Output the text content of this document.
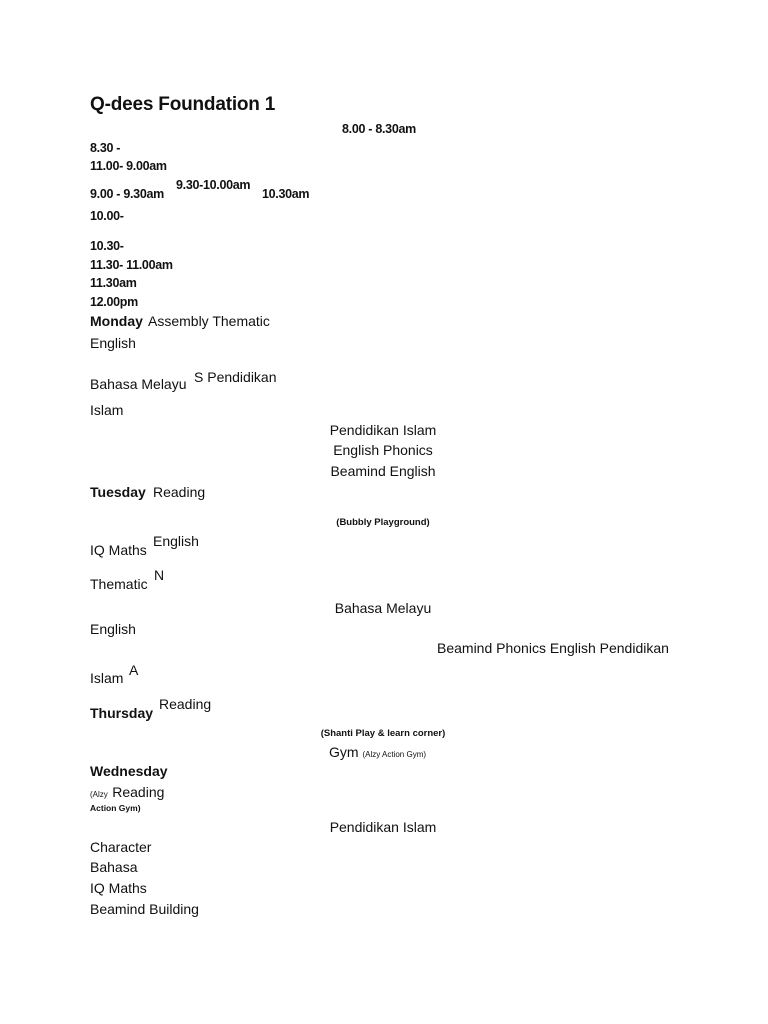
Q-dees Foundation 1
8.00 - 8.30am
8.30 -
11.00- 9.00am
9.00 - 9.30am
9.30-10.00am
10.30am
10.00-
10.30-
11.30- 11.00am
11.30am
12.00pm
Monday Assembly Thematic
English
Bahasa Melayu S Pendidikan
Islam
Pendidikan Islam
English Phonics
Beamind English
Tuesday Reading
(Bubbly Playground)
IQ Maths
English
Thematic
N
Bahasa Melayu
English
Beamind Phonics English Pendidikan
Islam A
Thursday
Reading
(Shanti Play & learn corner)
Gym (Alzy Action Gym)
Wednesday
(Alzy Reading
Action Gym)
Pendidikan Islam
Character
Bahasa
IQ Maths
Beamind Building
